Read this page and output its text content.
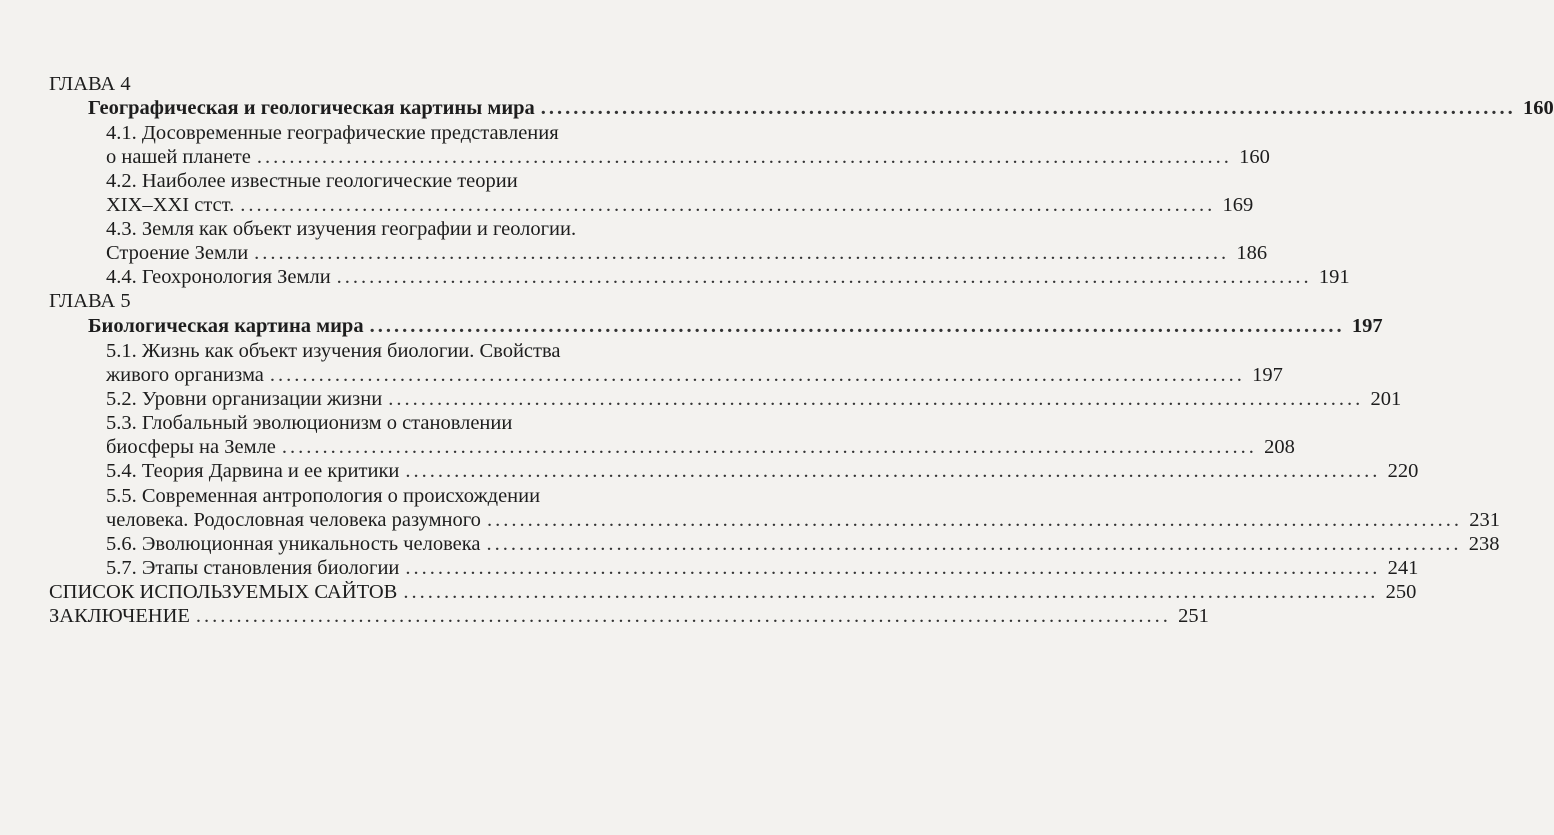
ГЛАВА 4
Географическая и геологическая картины мира ........................................................................................................................ 160
4.1. Досовременные географические представления
о нашей планете ........................................................................................................................ 160
4.2. Наиболее известные геологические теории
XIX–XXI стст. ........................................................................................................................ 169
4.3. Земля как объект изучения географии и геологии.
Строение Земли ........................................................................................................................ 186
4.4. Геохронология Земли ........................................................................................................................ 191
ГЛАВА 5
Биологическая картина мира ........................................................................................................................ 197
5.1. Жизнь как объект изучения биологии. Свойства
живого организма ........................................................................................................................ 197
5.2. Уровни организации жизни ........................................................................................................................ 201
5.3. Глобальный эволюционизм о становлении
биосферы на Земле ........................................................................................................................ 208
5.4. Теория Дарвина и ее критики ........................................................................................................................ 220
5.5. Современная антропология о происхождении
человека. Родословная человека разумного ........................................................................................................................ 231
5.6. Эволюционная уникальность человека ........................................................................................................................ 238
5.7. Этапы становления биологии ........................................................................................................................ 241
СПИСОК ИСПОЛЬЗУЕМЫХ САЙТОВ ........................................................................................................................ 250
ЗАКЛЮЧЕНИЕ ........................................................................................................................ 251
